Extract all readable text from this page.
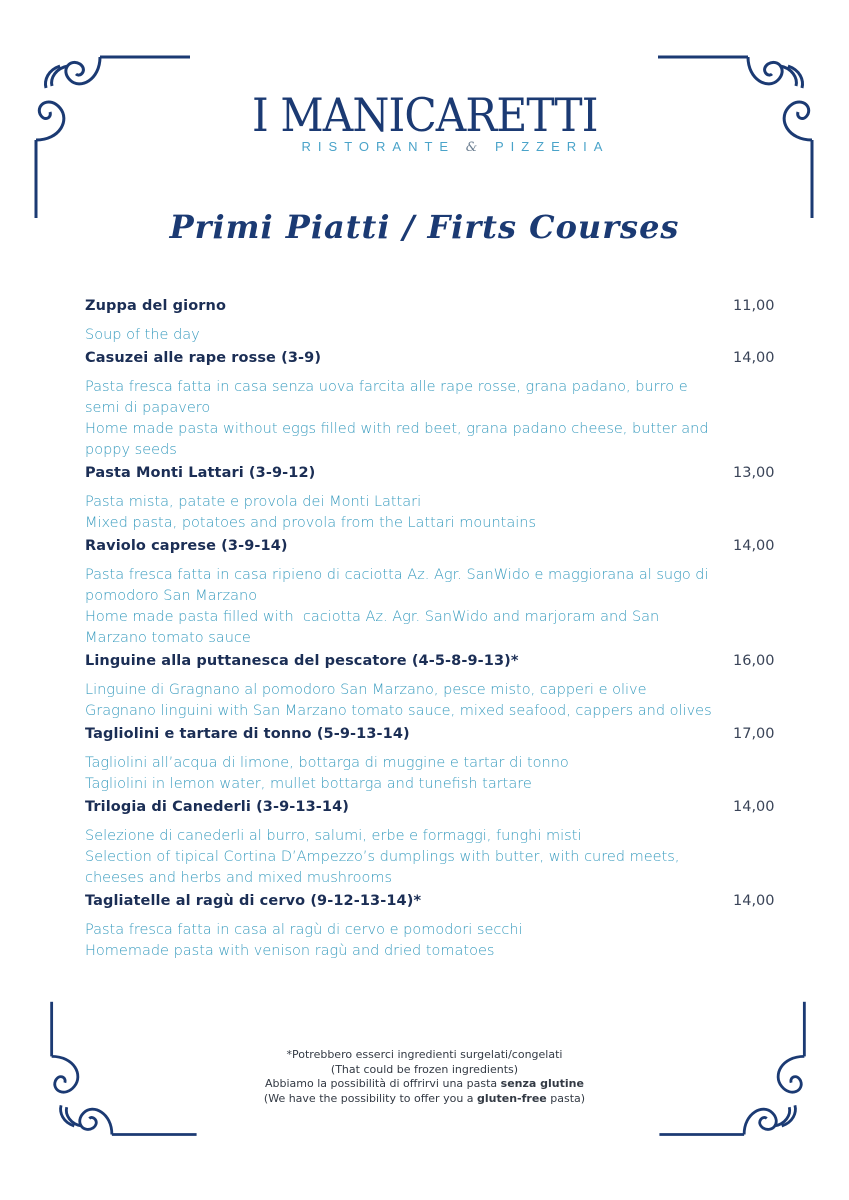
I MANICARETTI
RISTORANTE & PIZZERIA
Primi Piatti / Firts Courses
Zuppa del giorno	11,00
Soup of the day
Casuzei alle rape rosse (3-9)	14,00
Pasta fresca fatta in casa senza uova farcita alle rape rosse, grana padano, burro e semi di papavero
Home made pasta without eggs filled with red beet, grana padano cheese, butter and poppy seeds
Pasta Monti Lattari (3-9-12)	13,00
Pasta mista, patate e provola dei Monti Lattari
Mixed pasta, potatoes and provola from the Lattari mountains
Raviolo caprese (3-9-14)	14,00
Pasta fresca fatta in casa ripieno di caciotta Az. Agr. SanWido e maggiorana al sugo di pomodoro San Marzano
Home made pasta filled with  caciotta Az. Agr. SanWido and marjoram and San Marzano tomato sauce
Linguine alla puttanesca del pescatore (4-5-8-9-13)*	16,00
Linguine di Gragnano al pomodoro San Marzano, pesce misto, capperi e olive
Gragnano linguini with San Marzano tomato sauce, mixed seafood, cappers and olives
Tagliolini e tartare di tonno (5-9-13-14)	17,00
Tagliolini all’acqua di limone, bottarga di muggine e tartar di tonno
Tagliolini in lemon water, mullet bottarga and tunefish tartare
Trilogia di Canederli (3-9-13-14)	14,00
Selezione di canederli al burro, salumi, erbe e formaggi, funghi misti
Selection of tipical Cortina D’Ampezzo’s dumplings with butter, with cured meets, cheeses and herbs and mixed mushrooms
Tagliatelle al ragù di cervo (9-12-13-14)*	14,00
Pasta fresca fatta in casa al ragù di cervo e pomodori secchi
Homemade pasta with venison ragù and dried tomatoes
*Potrebbero esserci ingredienti surgelati/congelati
(That could be frozen ingredients)
Abbiamo la possibilità di offrirvi una pasta senza glutine
(We have the possibility to offer you a gluten-free pasta)
